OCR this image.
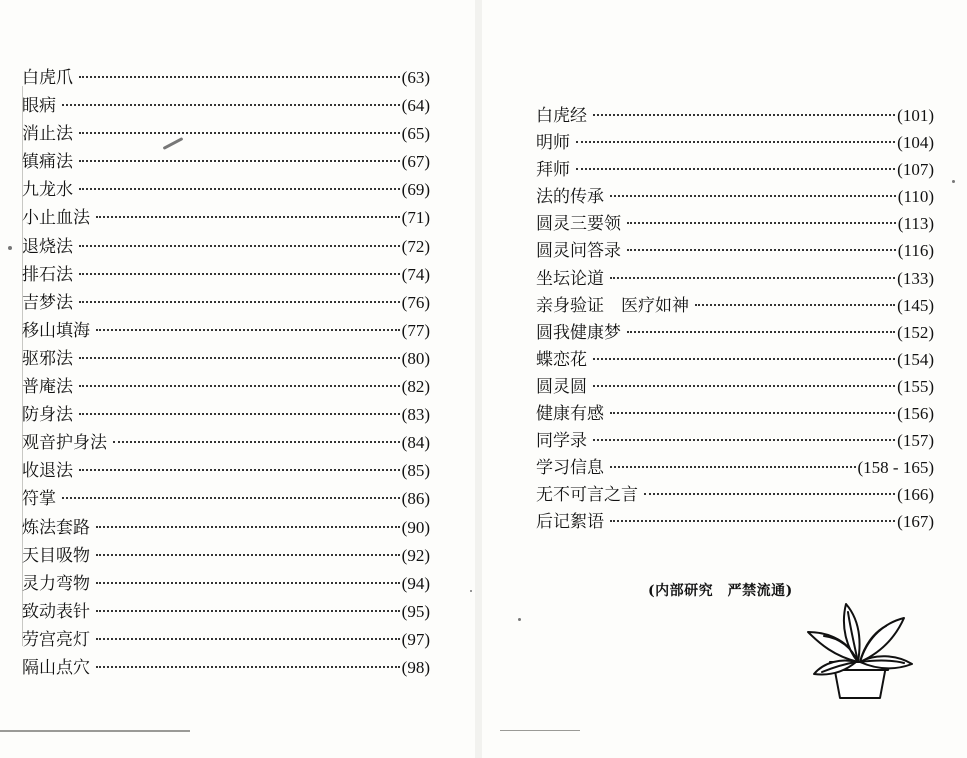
白虎爪	(63)
眼病	(64)
消止法	(65)
镇痛法	(67)
九龙水	(69)
小止血法	(71)
退烧法	(72)
排石法	(74)
吉梦法	(76)
移山填海	(77)
驱邪法	(80)
普庵法	(82)
防身法	(83)
观音护身法	(84)
收退法	(85)
符掌	(86)
炼法套路	(90)
天目吸物	(92)
灵力弯物	(94)
致动表针	(95)
劳宫亮灯	(97)
隔山点穴	(98)
白虎经	(101)
明师	(104)
拜师	(107)
法的传承	(110)
圆灵三要领	(113)
圆灵问答录	(116)
坐坛论道	(133)
亲身验证　医疗如神	(145)
圆我健康梦	(152)
蝶恋花	(154)
圆灵圆	(155)
健康有感	(156)
同学录	(157)
学习信息	(158 - 165)
无不可言之言	(166)
后记絮语	(167)
(内部研究　严禁流通)
